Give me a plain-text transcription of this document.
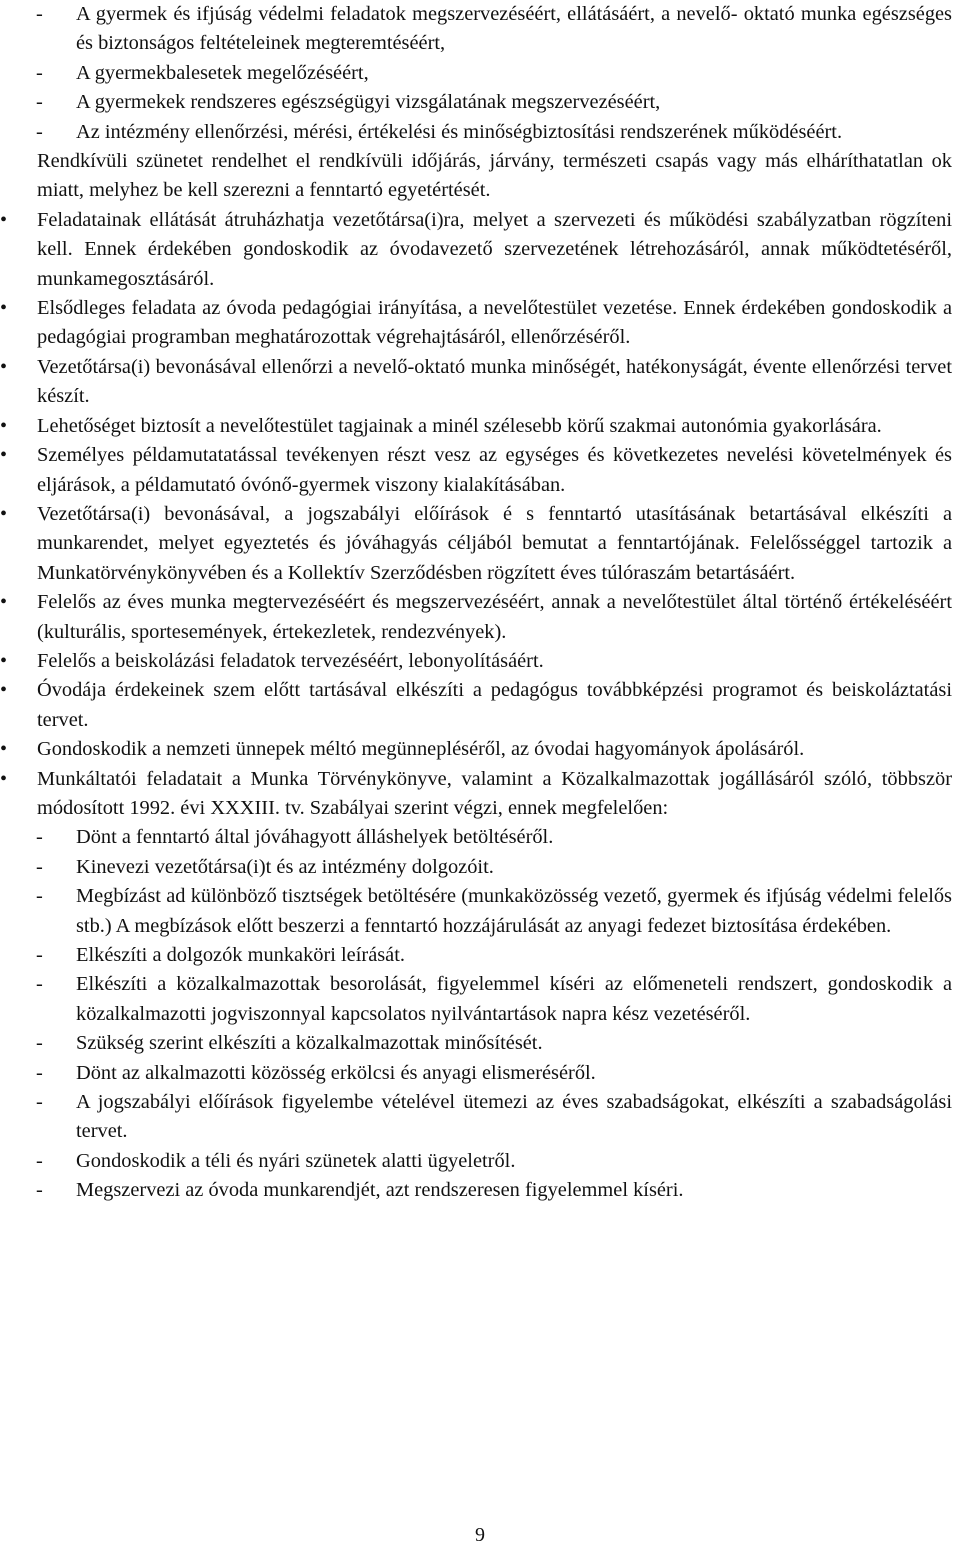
- A gyermek és ifjúság védelmi feladatok megszervezéséért, ellátásáért, a nevelő- oktató munka egészséges és biztonságos feltételeinek megteremtéséért,
- A gyermekbalesetek megelőzéséért,
- A gyermekek rendszeres egészségügyi vizsgálatának megszervezéséért,
- Az intézmény ellenőrzési, mérési, értékelési és minőségbiztosítási rendszerének működéséért.
Rendkívüli szünetet rendelhet el rendkívüli időjárás, járvány, természeti csapás vagy más elháríthatatlan ok miatt, melyhez be kell szerezni a fenntartó egyetértését.
• Feladatainak ellátását átruházhatja vezetőtársa(i)ra, melyet a szervezeti és működési szabályzatban rögzíteni kell. Ennek érdekében gondoskodik az óvodavezető szervezetének létrehozásáról, annak működtetéséről, munkamegosztásáról.
• Elsődleges feladata az óvoda pedagógiai irányítása, a nevelőtestület vezetése. Ennek érdekében gondoskodik a pedagógiai programban meghatározottak végrehajtásáról, ellenőrzéséről.
• Vezetőtársa(i) bevonásával ellenőrzi a nevelő-oktató munka minőségét, hatékonyságát, évente ellenőrzési tervet készít.
• Lehetőséget biztosít a nevelőtestület tagjainak a minél szélesebb körű szakmai autonómia gyakorlására.
• Személyes példamutatatással tevékenyen részt vesz az egységes és következetes nevelési követelmények és eljárások, a példamutató óvónő-gyermek viszony kialakításában.
• Vezetőtársa(i) bevonásával, a jogszabályi előírások é s fenntartó utasításának betartásával elkészíti a munkarendet, melyet egyeztetés és jóváhagyás céljából bemutat a fenntartójának. Felelősséggel tartozik a Munkatörvénykönyvében és a Kollektív Szerződésben rögzített éves túlóraszám betartásáért.
• Felelős az éves munka megtervezéséért és megszervezéséért, annak a nevelőtestület által történő értékeléséért (kulturális, sportesemények, értekezletek, rendezvények).
• Felelős a beiskolázási feladatok tervezéséért, lebonyolításáért.
• Óvodája érdekeinek szem előtt tartásával elkészíti a pedagógus továbbképzési programot és beiskoláztatási tervet.
• Gondoskodik a nemzeti ünnepek méltó megünnepléséről, az óvodai hagyományok ápolásáról.
• Munkáltatói feladatait a Munka Törvénykönyve, valamint a Közalkalmazottak jogállásáról szóló, többször módosított 1992. évi XXXIII. tv. Szabályai szerint végzi, ennek megfelelően:
- Dönt a fenntartó által jóváhagyott álláshelyek betöltéséről.
- Kinevezi vezetőtársa(i)t és az intézmény dolgozóit.
- Megbízást ad különböző tisztségek betöltésére (munkaközösség vezető, gyermek és ifjúság védelmi felelős stb.) A megbízások előtt beszerzi a fenntartó hozzájárulását az anyagi fedezet biztosítása érdekében.
- Elkészíti a dolgozók munkaköri leírását.
- Elkészíti a közalkalmazottak besorolását, figyelemmel kíséri az előmeneteli rendszert, gondoskodik a közalkalmazotti jogviszonnyal kapcsolatos nyilvántartások napra kész vezetéséről.
- Szükség szerint elkészíti a közalkalmazottak minősítését.
- Dönt az alkalmazotti közösség erkölcsi és anyagi elismeréséről.
- A jogszabályi előírások figyelembe vételével ütemezi az éves szabadságokat, elkészíti a szabadságolási tervet.
- Gondoskodik a téli és nyári szünetek alatti ügyeletről.
- Megszervezi az óvoda munkarendjét, azt rendszeresen figyelemmel kíséri.
9
